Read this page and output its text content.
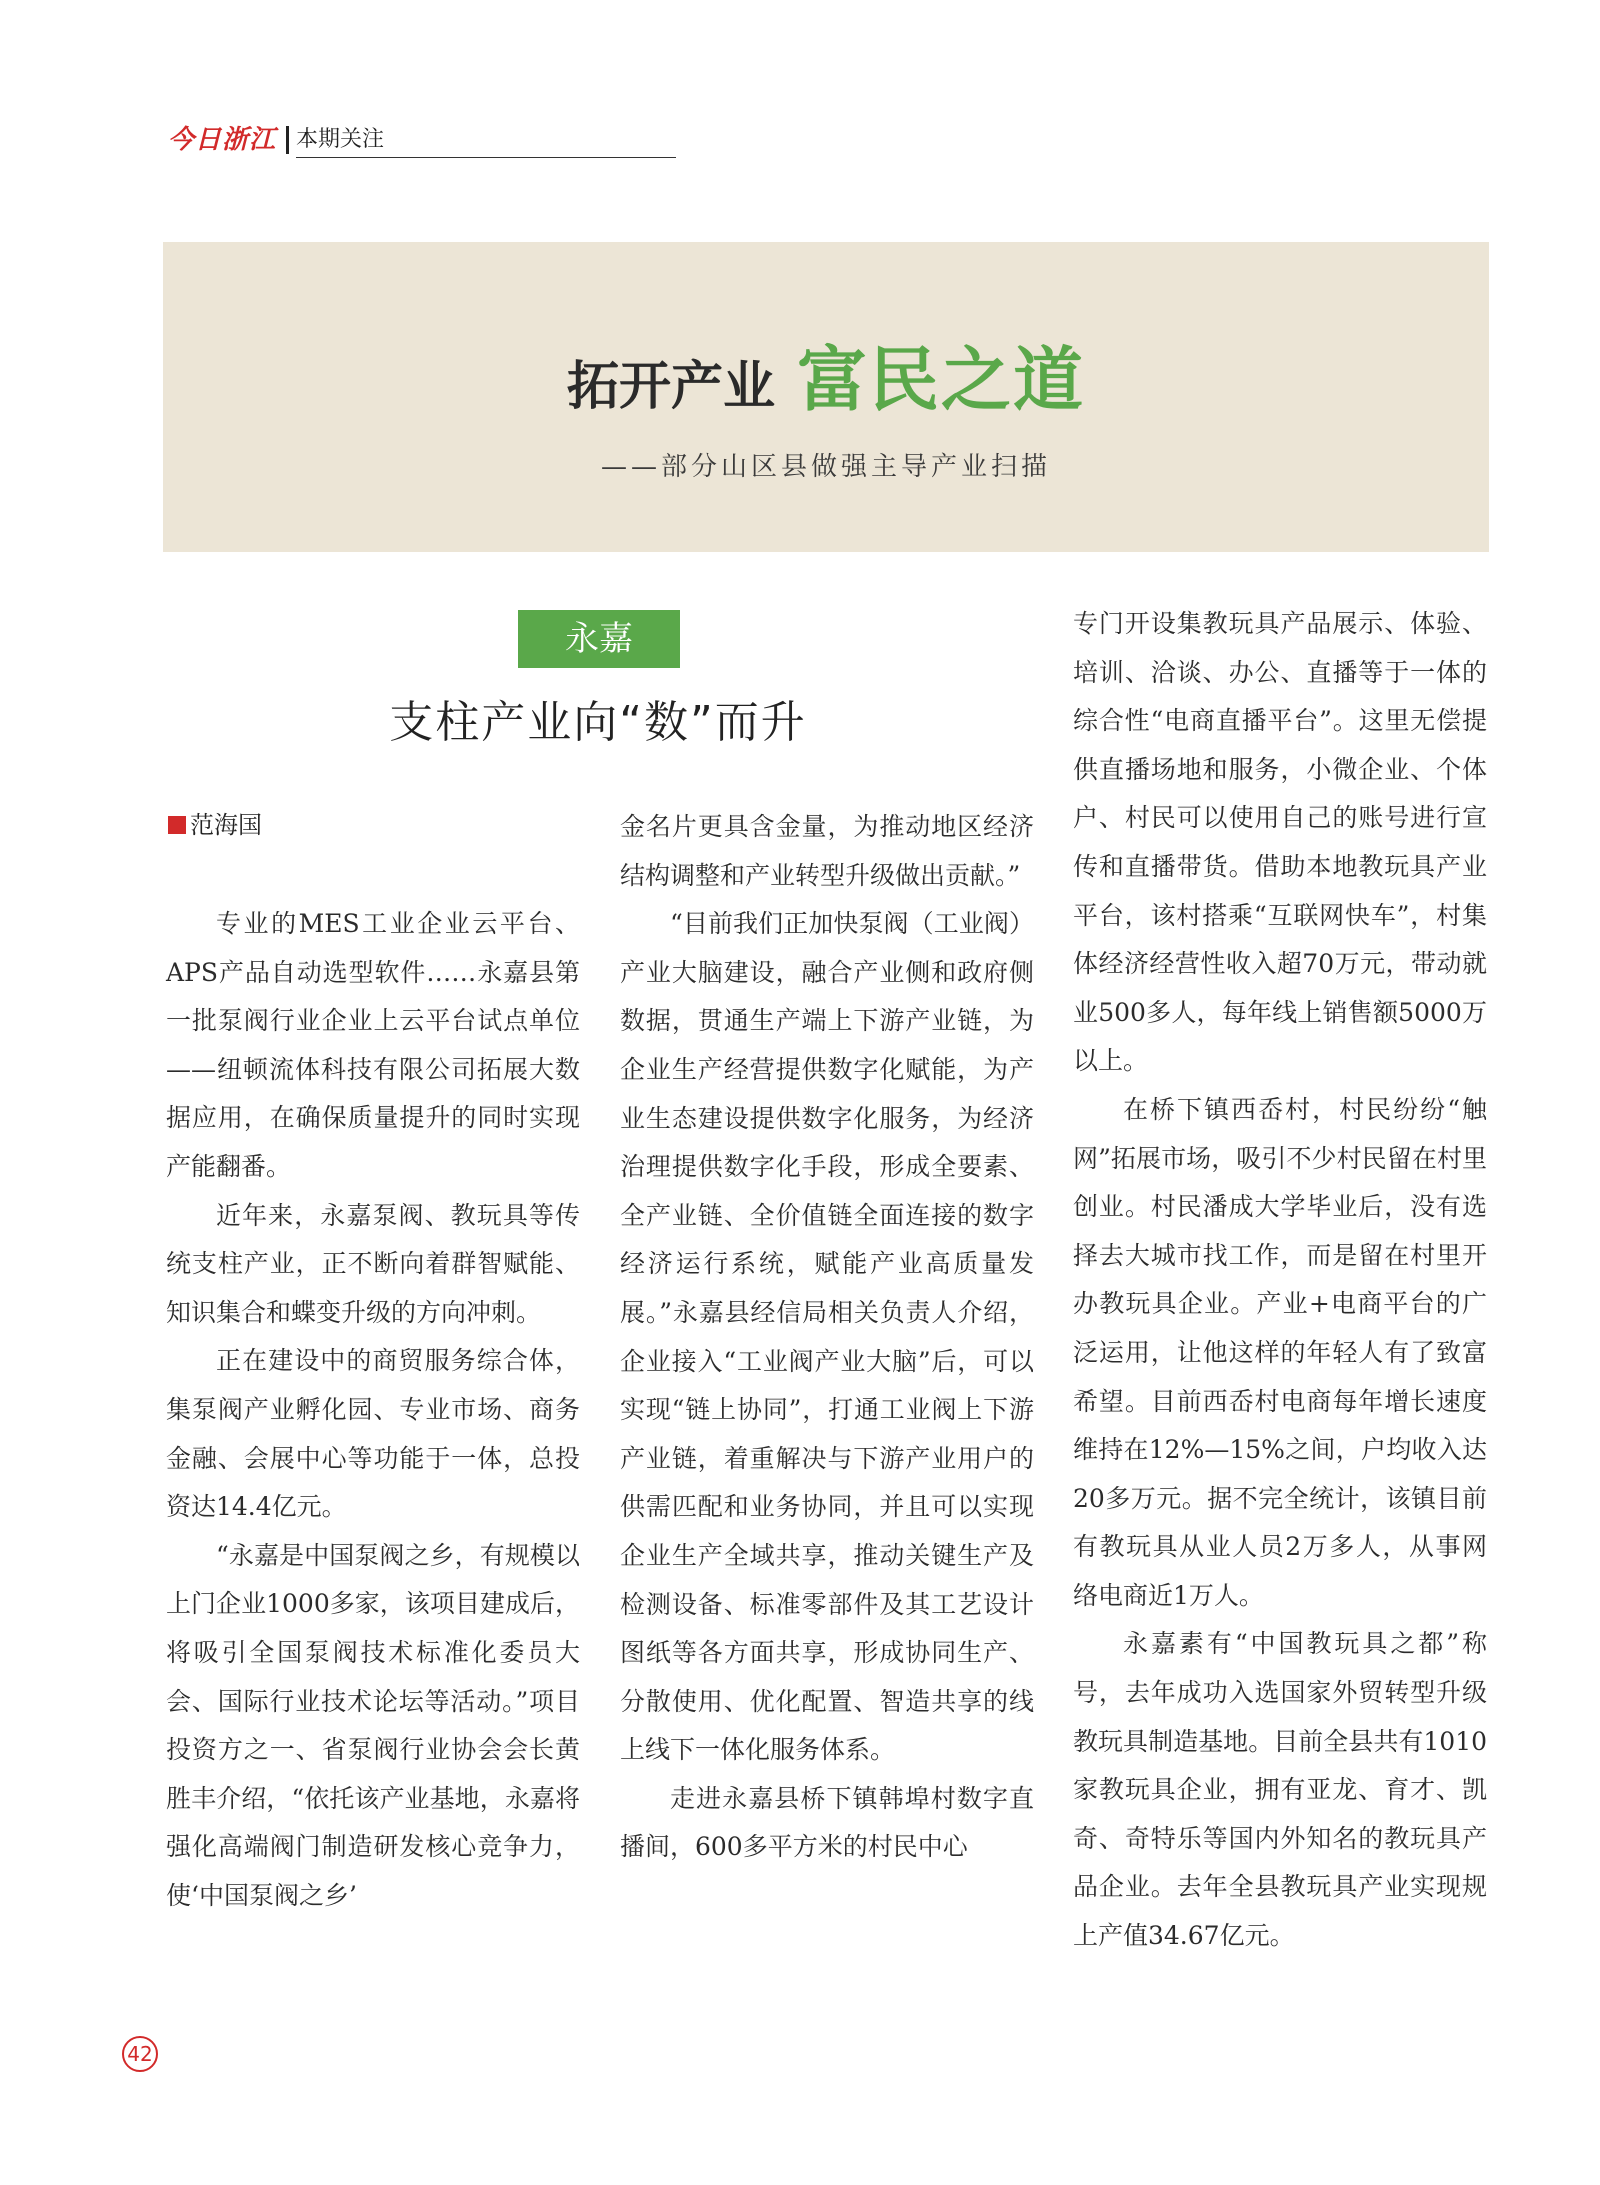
今日浙江 本期关注
拓开产业 富民之道
——部分山区县做强主导产业扫描
永嘉
支柱产业向“数”而升
范海国

专业的MES工业企业云平台、APS产品自动选型软件……永嘉县第一批泵阀行业企业上云平台试点单位——纽顿流体科技有限公司拓展大数据应用，在确保质量提升的同时实现产能翻番。

近年来，永嘉泵阀、教玩具等传统支柱产业，正不断向着群智赋能、知识集合和蝶变升级的方向冲刺。

正在建设中的商贸服务综合体，集泵阀产业孵化园、专业市场、商务金融、会展中心等功能于一体，总投资达14.4亿元。

“永嘉是中国泵阀之乡，有规模以上门企业1000多家，该项目建成后，将吸引全国泵阀技术标准化委员大会、国际行业技术论坛等活动。”项目投资方之一、省泵阀行业协会会长黄胜丰介绍，“依托该产业基地，永嘉将强化高端阀门制造研发核心竞争力，使‘中国泵阀之乡’

金名片更具含金量，为推动地区经济结构调整和产业转型升级做出贡献。”

“目前我们正加快泵阀（工业阀）产业大脑建设，融合产业侧和政府侧数据，贯通生产端上下游产业链，为企业生产经营提供数字化赋能，为产业生态建设提供数字化服务，为经济治理提供数字化手段，形成全要素、全产业链、全价值链全面连接的数字经济运行系统，赋能产业高质量发展。”永嘉县经信局相关负责人介绍，企业接入“工业阀产业大脑”后，可以实现“链上协同”，打通工业阀上下游产业链，着重解决与下游产业用户的供需匹配和业务协同，并且可以实现企业生产全域共享，推动关键生产及检测设备、标准零部件及其工艺设计图纸等各方面共享，形成协同生产、分散使用、优化配置、智造共享的线上线下一体化服务体系。

走进永嘉县桥下镇韩埠村数字直播间，600多平方米的村民中心

专门开设集教玩具产品展示、体验、培训、洽谈、办公、直播等于一体的综合性“电商直播平台”。这里无偿提供直播场地和服务，小微企业、个体户、村民可以使用自己的账号进行宣传和直播带货。借助本地教玩具产业平台，该村搭乘“互联网快车”，村集体经济经营性收入超70万元，带动就业500多人，每年线上销售额5000万以上。

在桥下镇西岙村，村民纷纷“触网”拓展市场，吸引不少村民留在村里创业。村民潘成大学毕业后，没有选择去大城市找工作，而是留在村里开办教玩具企业。产业+电商平台的广泛运用，让他这样的年轻人有了致富希望。目前西岙村电商每年增长速度维持在12%—15%之间，户均收入达20多万元。据不完全统计，该镇目前有教玩具从业人员2万多人，从事网络电商近1万人。

永嘉素有“中国教玩具之都”称号，去年成功入选国家外贸转型升级教玩具制造基地。目前全县共有1010家教玩具企业，拥有亚龙、育才、凯奇、奇特乐等国内外知名的教玩具产品企业。去年全县教玩具产业实现规上产值34.67亿元。

42
